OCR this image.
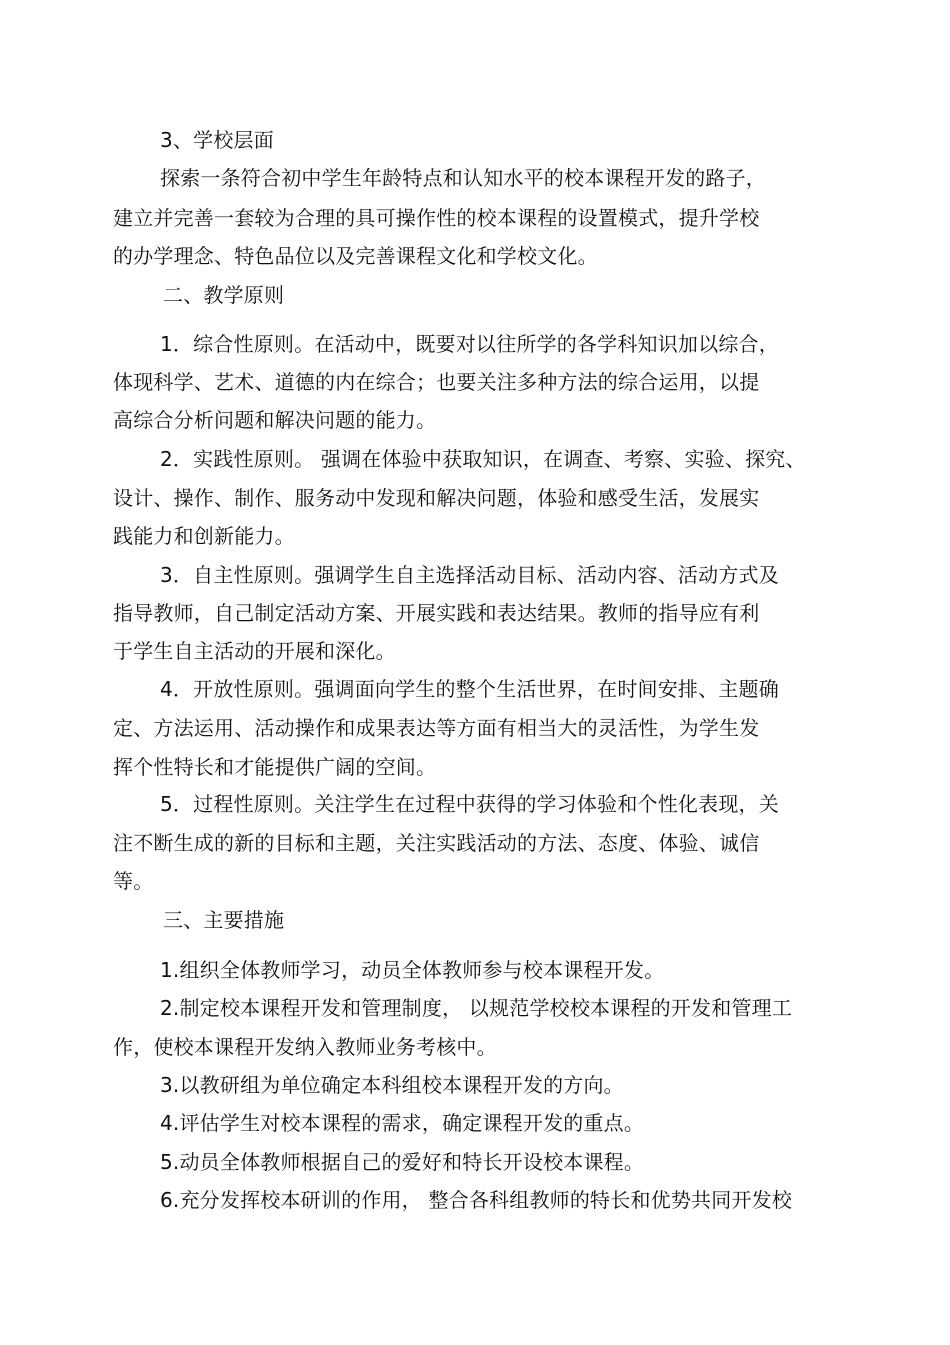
3、学校层面
探索一条符合初中学生年龄特点和认知水平的校本课程开发的路子，
建立并完善一套较为合理的具可操作性的校本课程的设置模式，提升学校
的办学理念、特色品位以及完善课程文化和学校文化。
二、教学原则
1．综合性原则。在活动中，既要对以往所学的各学科知识加以综合，
体现科学、艺术、道德的内在综合；也要关注多种方法的综合运用，以提
高综合分析问题和解决问题的能力。
2．实践性原则。 强调在体验中获取知识，在调查、考察、实验、探究、
设计、操作、制作、服务动中发现和解决问题，体验和感受生活，发展实
践能力和创新能力。
3．自主性原则。强调学生自主选择活动目标、活动内容、活动方式及
指导教师，自己制定活动方案、开展实践和表达结果。教师的指导应有利
于学生自主活动的开展和深化。
4．开放性原则。强调面向学生的整个生活世界，在时间安排、主题确
定、方法运用、活动操作和成果表达等方面有相当大的灵活性，为学生发
挥个性特长和才能提供广阔的空间。
5．过程性原则。关注学生在过程中获得的学习体验和个性化表现，关
注不断生成的新的目标和主题，关注实践活动的方法、态度、体验、诚信
等。
三、主要措施
1.组织全体教师学习，动员全体教师参与校本课程开发。
2.制定校本课程开发和管理制度， 以规范学校校本课程的开发和管理工
作，使校本课程开发纳入教师业务考核中。
3.以教研组为单位确定本科组校本课程开发的方向。
4.评估学生对校本课程的需求，确定课程开发的重点。
5.动员全体教师根据自己的爱好和特长开设校本课程。
6.充分发挥校本研训的作用， 整合各科组教师的特长和优势共同开发校
